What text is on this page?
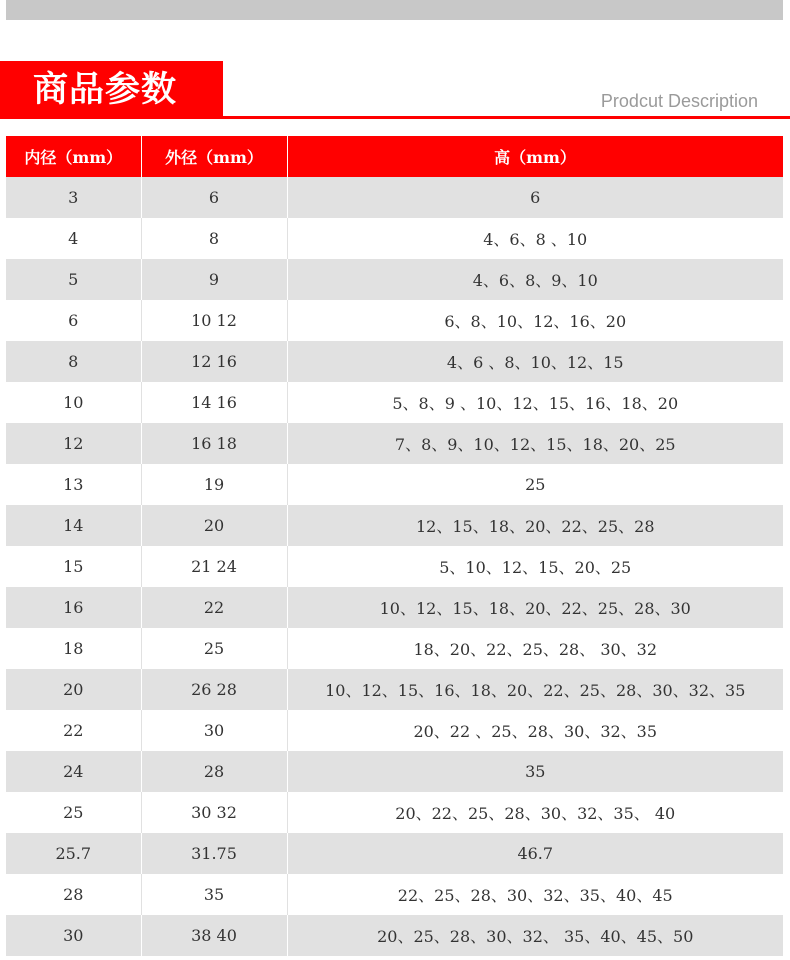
商品参数	Prodcut Description
内径（mm）	外径（mm）	高（mm）
3	6	6
4	8	4、6、8 、10
5	9	4、6、8、9、10
6	10 12	6、8、10、12、16、20
8	12 16	4、6 、8、10、12、15
10	14 16	5、8、9 、10、12、15、16、18、20
12	16 18	7、8、9、10、12、15、18、20、25
13	19	25
14	20	12、15、18、20、22、25、28
15	21 24	5、10、12、15、20、25
16	22	10、12、15、18、20、22、25、28、30
18	25	18、20、22、25、28、 30、32
20	26 28	10、12、15、16、18、20、22、25、28、30、32、35
22	30	20、22 、25、28、30、32、35
24	28	35
25	30 32	20、22、25、28、30、32、35、 40
25.7	31.75	46.7
28	35	22、25、28、30、32、35、40、45
30	38 40	20、25、28、30、32、 35、40、45、50
